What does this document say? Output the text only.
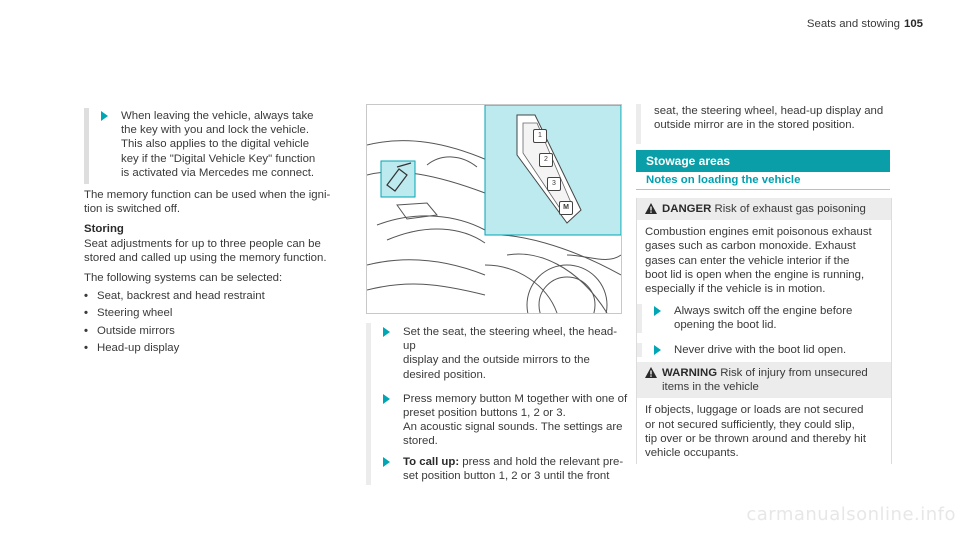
Seats and stowing 105

When leaving the vehicle, always take

the key with you and lock the vehicle.

This also applies to the digital vehicle

key if the "Digital Vehicle Key" function

is activated via Mercedes me connect.

The memory function can be used when the igni-

tion is switched off.

Storing

Seat adjustments for up to three people can be

stored and called up using the memory function.

The following systems can be selected:

• Seat, backrest and head restraint
• Steering wheel
• Outside mirrors
• Head-up display
1
2
3
M

Set the seat, the steering wheel, the head-up

display and the outside mirrors to the

desired position.

Press memory button M together with one of

preset position buttons 1, 2 or 3.

An acoustic signal sounds. The settings are

stored.

To call up: press and hold the relevant pre-

set position button 1, 2 or 3 until the front

seat, the steering wheel, head-up display and

outside mirror are in the stored position.

Stowage areas
Notes on loading the vehicle
DANGER Risk of exhaust gas poisoning

Combustion engines emit poisonous exhaust

gases such as carbon monoxide. Exhaust

gases can enter the vehicle interior if the

boot lid is open when the engine is running,

especially if the vehicle is in motion.

Always switch off the engine before

opening the boot lid.

Never drive with the boot lid open.

WARNING Risk of injury from unsecured

items in the vehicle

If objects, luggage or loads are not secured

or not secured sufficiently, they could slip,

tip over or be thrown around and thereby hit

vehicle occupants.

carmanualsonline.info
